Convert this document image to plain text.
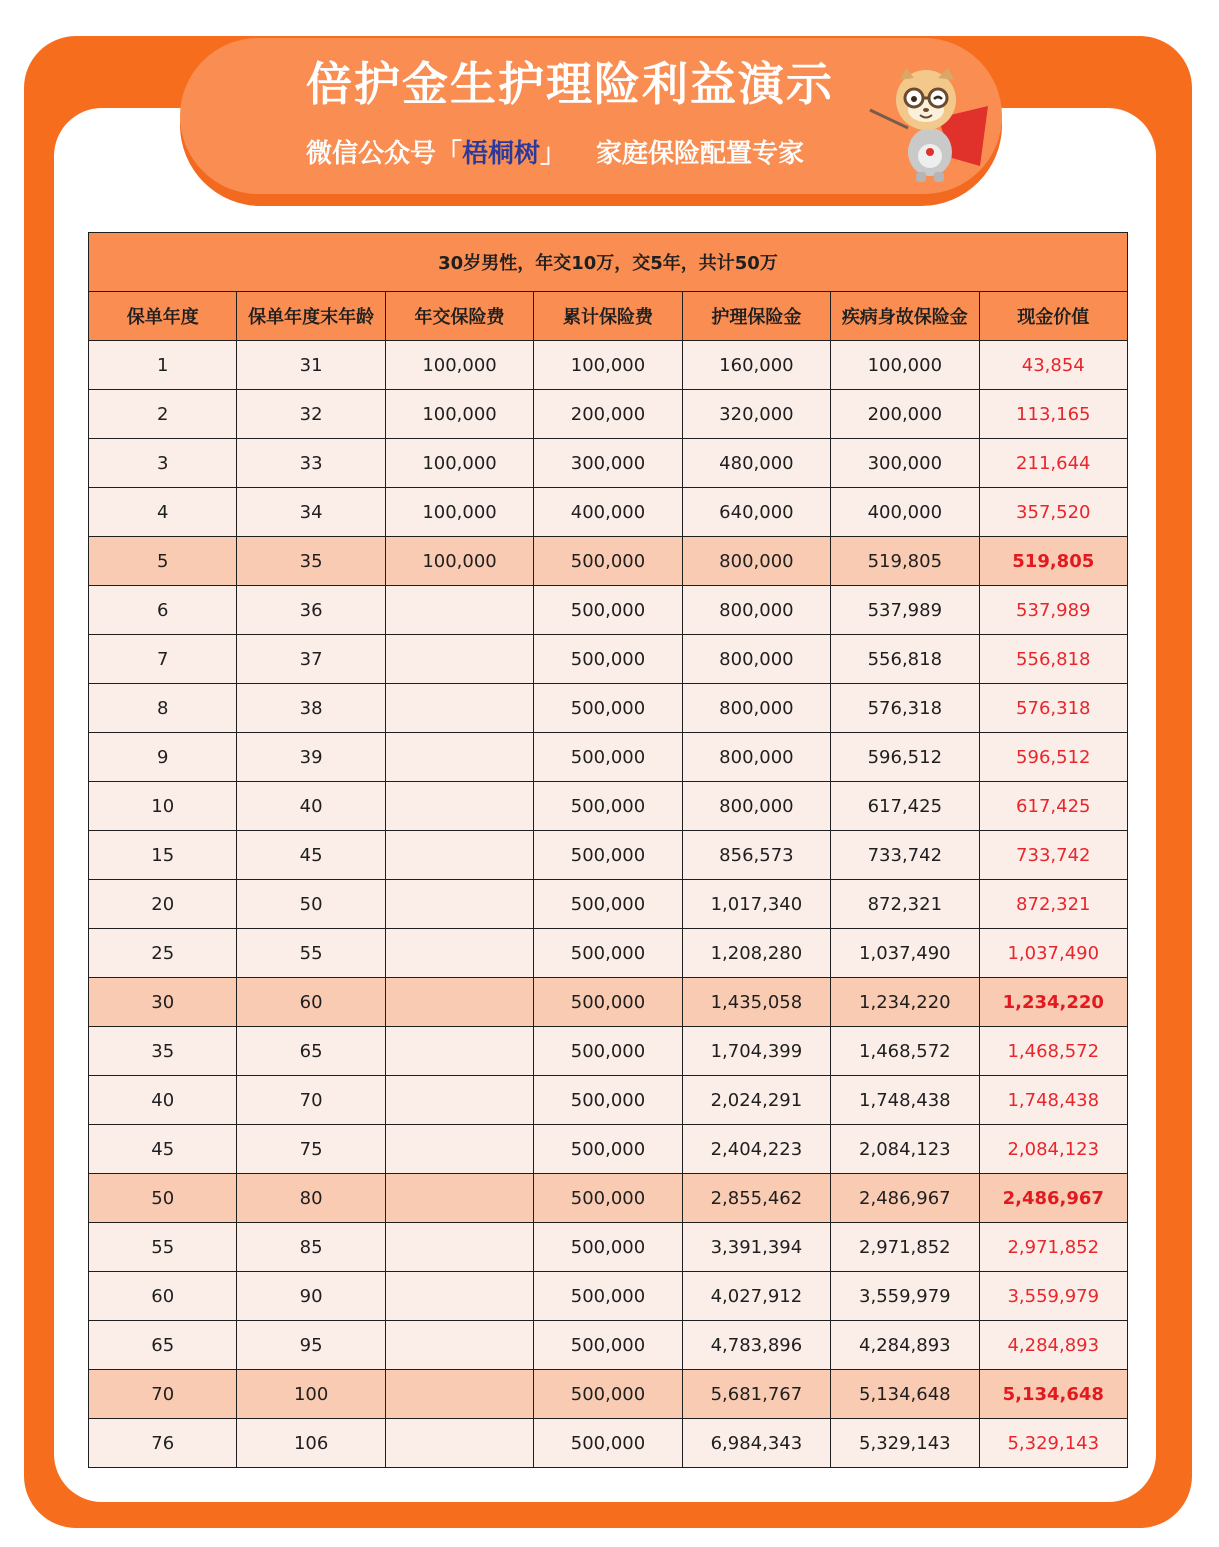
倍护金生护理险利益演示
微信公众号「梧桐树」 家庭保险配置专家
30岁男性，年交10万，交5年，共计50万						
保单年度	保单年度末年龄	年交保险费	累计保险费	护理保险金	疾病身故保险金	现金价值
1	31	100,000	100,000	160,000	100,000	43,854
2	32	100,000	200,000	320,000	200,000	113,165
3	33	100,000	300,000	480,000	300,000	211,644
4	34	100,000	400,000	640,000	400,000	357,520
5	35	100,000	500,000	800,000	519,805	519,805
6	36		500,000	800,000	537,989	537,989
7	37		500,000	800,000	556,818	556,818
8	38		500,000	800,000	576,318	576,318
9	39		500,000	800,000	596,512	596,512
10	40		500,000	800,000	617,425	617,425
15	45		500,000	856,573	733,742	733,742
20	50		500,000	1,017,340	872,321	872,321
25	55		500,000	1,208,280	1,037,490	1,037,490
30	60		500,000	1,435,058	1,234,220	1,234,220
35	65		500,000	1,704,399	1,468,572	1,468,572
40	70		500,000	2,024,291	1,748,438	1,748,438
45	75		500,000	2,404,223	2,084,123	2,084,123
50	80		500,000	2,855,462	2,486,967	2,486,967
55	85		500,000	3,391,394	2,971,852	2,971,852
60	90		500,000	4,027,912	3,559,979	3,559,979
65	95		500,000	4,783,896	4,284,893	4,284,893
70	100		500,000	5,681,767	5,134,648	5,134,648
76	106		500,000	6,984,343	5,329,143	5,329,143
